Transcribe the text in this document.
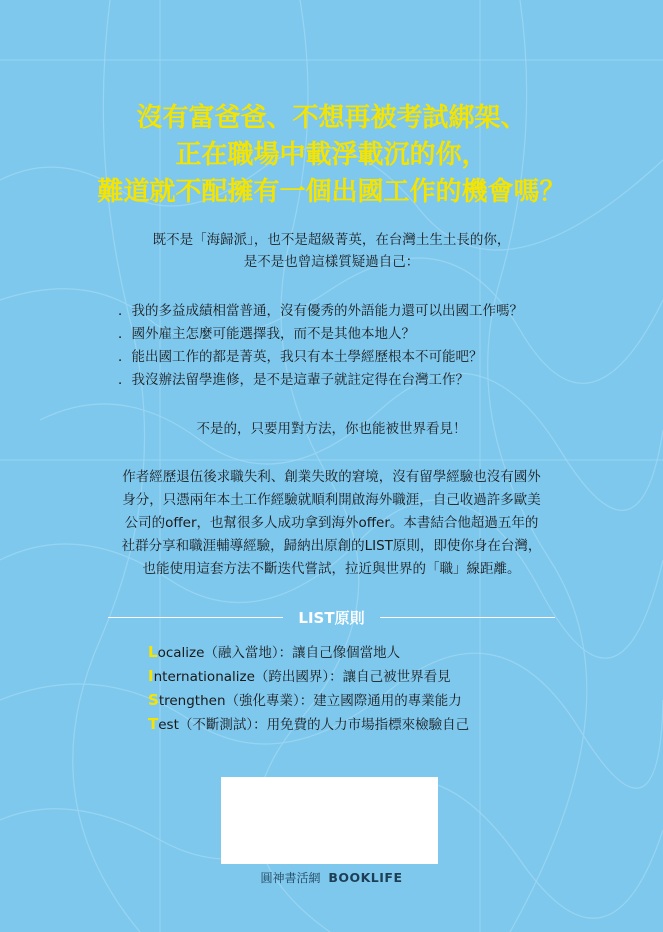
沒有富爸爸、不想再被考試綁架、
正在職場中載浮載沉的你，
難道就不配擁有一個出國工作的機會嗎？
既不是「海歸派」，也不是超級菁英，在台灣土生土長的你，
是不是也曾這樣質疑過自己：
．我的多益成績相當普通，沒有優秀的外語能力還可以出國工作嗎？
．國外雇主怎麼可能選擇我，而不是其他本地人？
．能出國工作的都是菁英，我只有本土學經歷根本不可能吧？
．我沒辦法留學進修，是不是這輩子就註定得在台灣工作？
不是的，只要用對方法，你也能被世界看見！
作者經歷退伍後求職失利、創業失敗的窘境，沒有留學經驗也沒有國外
身分，只憑兩年本土工作經驗就順利開啟海外職涯，自己收過許多歐美
公司的offer，也幫很多人成功拿到海外offer。本書結合他超過五年的
社群分享和職涯輔導經驗，歸納出原創的LIST原則，即使你身在台灣，
也能使用這套方法不斷迭代嘗試，拉近與世界的「職」線距離。
LIST原則
Localize（融入當地）：讓自己像個當地人
Internationalize（跨出國界）：讓自己被世界看見
Strengthen（強化專業）：建立國際通用的專業能力
Test（不斷測試）：用免費的人力市場指標來檢驗自己
圓神書活網 BOOKLIFE
